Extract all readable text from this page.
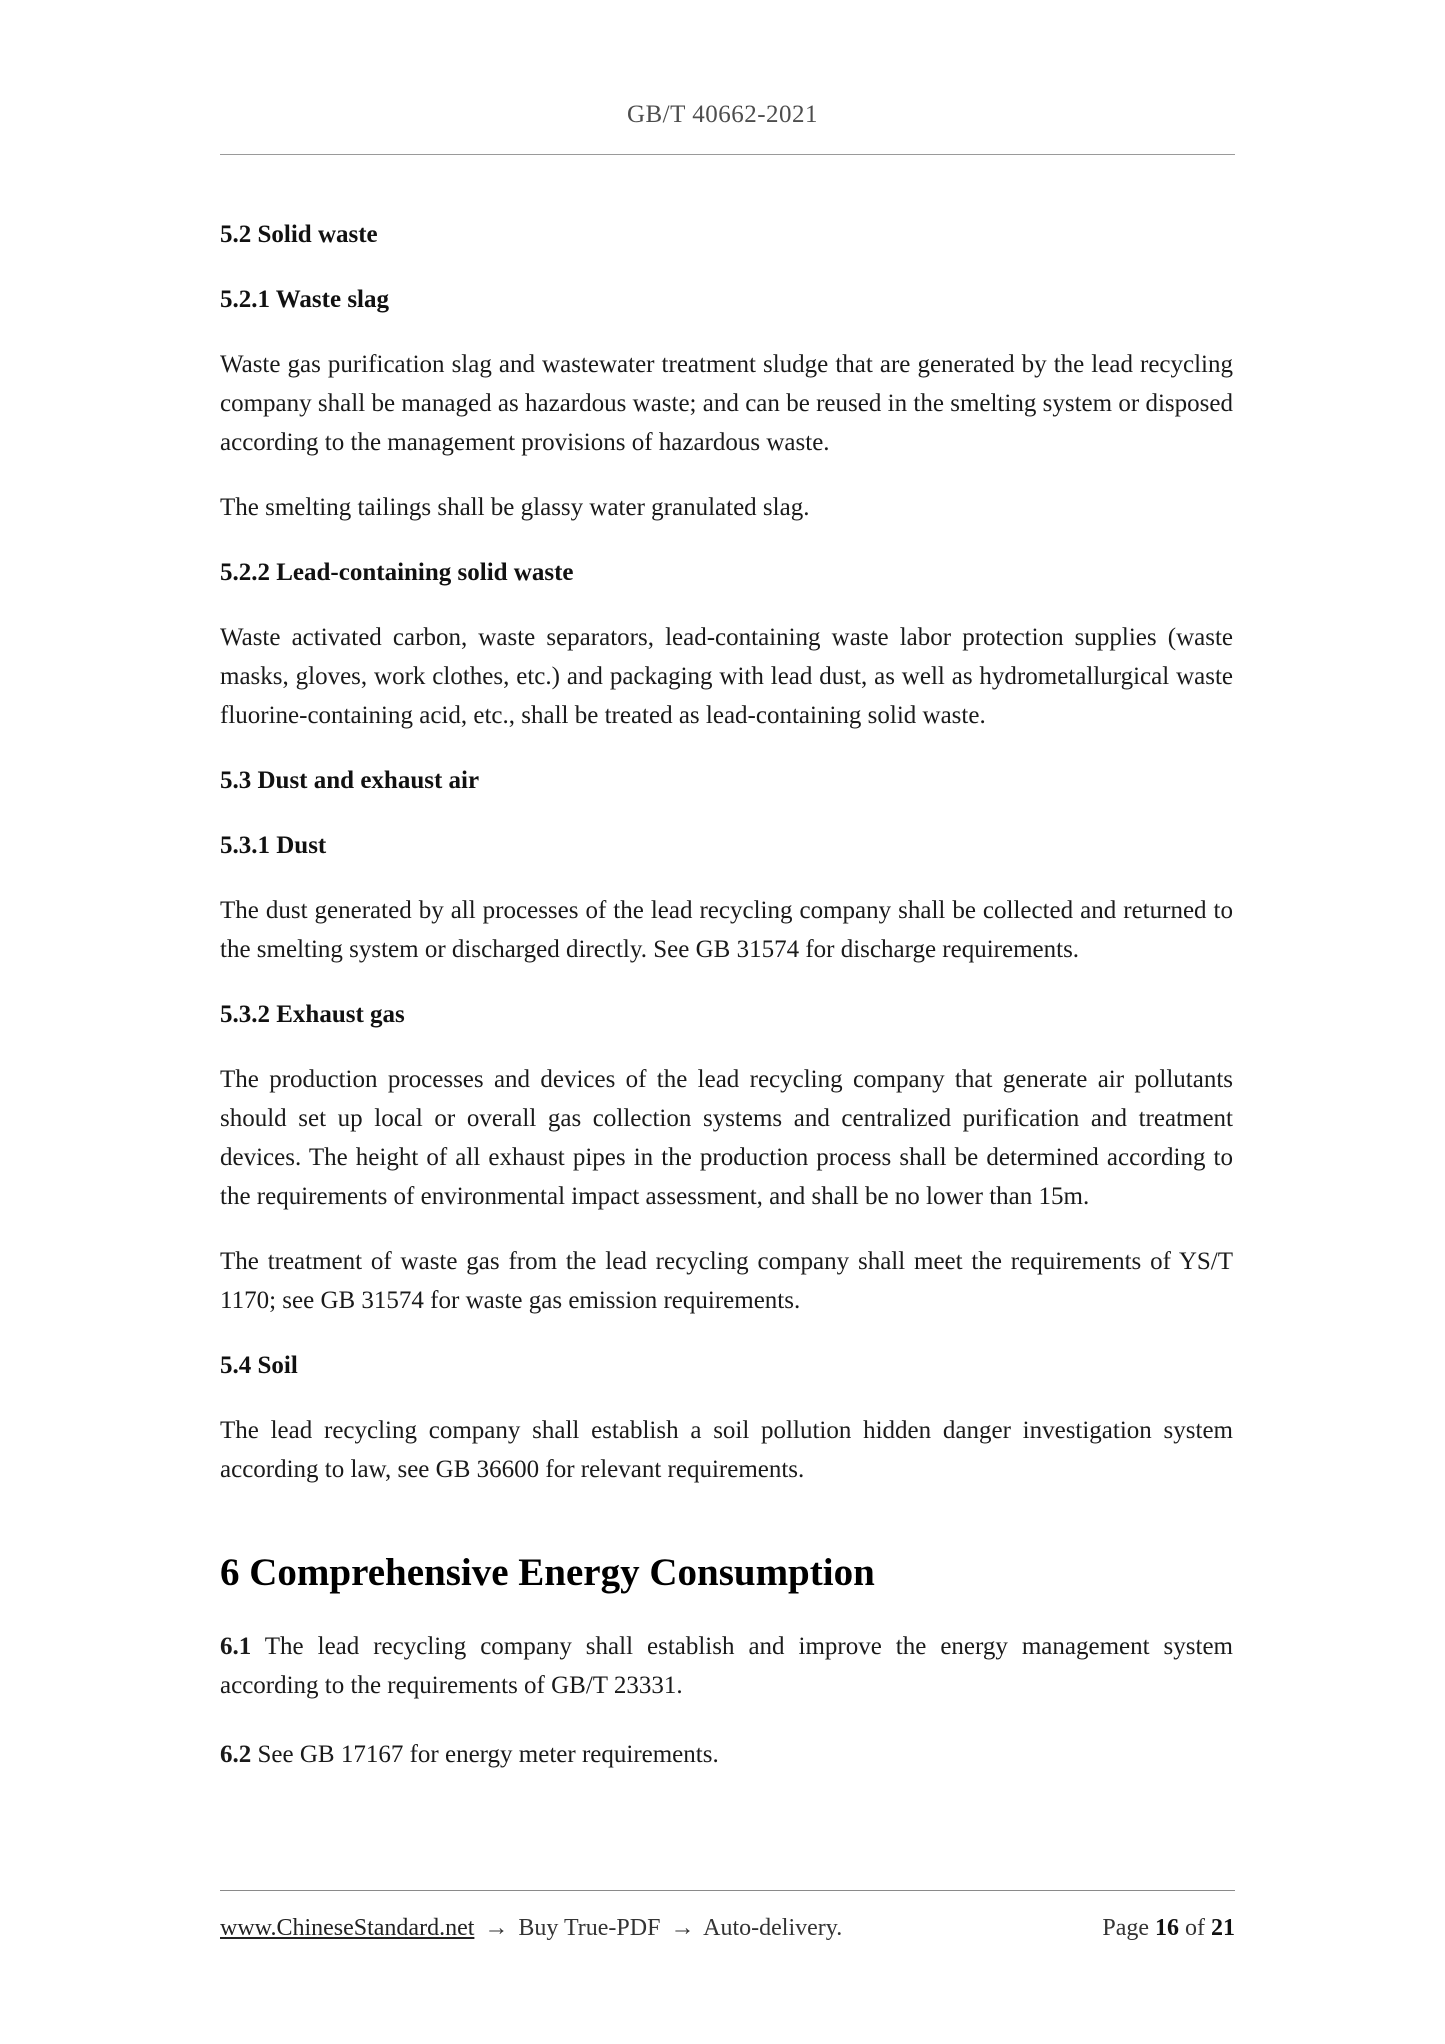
GB/T 40662-2021
5.2 Solid waste
5.2.1 Waste slag

Waste gas purification slag and wastewater treatment sludge that are generated by the lead recycling company shall be managed as hazardous waste; and can be reused in the smelting system or disposed according to the management provisions of hazardous waste.

The smelting tailings shall be glassy water granulated slag.

5.2.2 Lead-containing solid waste

Waste activated carbon, waste separators, lead-containing waste labor protection supplies (waste masks, gloves, work clothes, etc.) and packaging with lead dust, as well as hydrometallurgical waste fluorine-containing acid, etc., shall be treated as lead-containing solid waste.

5.3 Dust and exhaust air
5.3.1 Dust

The dust generated by all processes of the lead recycling company shall be collected and returned to the smelting system or discharged directly. See GB 31574 for discharge requirements.

5.3.2 Exhaust gas

The production processes and devices of the lead recycling company that generate air pollutants should set up local or overall gas collection systems and centralized purification and treatment devices. The height of all exhaust pipes in the production process shall be determined according to the requirements of environmental impact assessment, and shall be no lower than 15m.

The treatment of waste gas from the lead recycling company shall meet the requirements of YS/T 1170; see GB 31574 for waste gas emission requirements.

5.4 Soil

The lead recycling company shall establish a soil pollution hidden danger investigation system according to law, see GB 36600 for relevant requirements.

6 Comprehensive Energy Consumption

6.1 The lead recycling company shall establish and improve the energy management system according to the requirements of GB/T 23331.

6.2 See GB 17167 for energy meter requirements.

www.ChineseStandard.net → Buy True-PDF → Auto-delivery.	Page 16 of 21
